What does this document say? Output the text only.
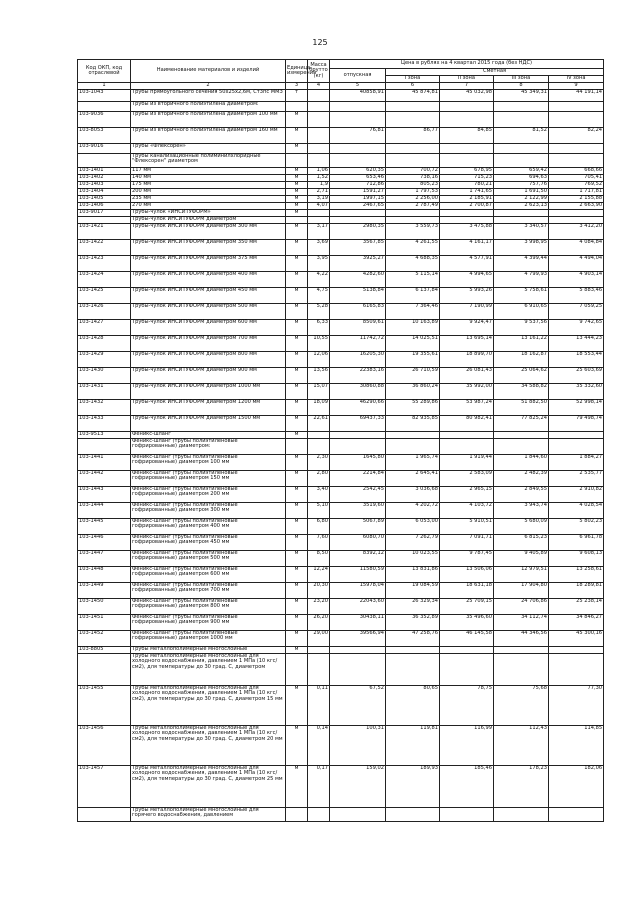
125
Код ОКП, код отраслевой	Наименование материалов и изделий	Единица измерения	Масса брутто (кг)	Цена в рублях на 4 квартал 2015 года (без НДС)				
				отпускная	Сметная			
					I зона	II зона	III зона	IV зона
1	2	3	4	5	6	7	8	9
103-1043	Трубы прямоугольного сечения 50х25х2,6м, Ст3пс ММЗ	т		40858,91	45 874,81	45 032,98	45 349,31	44 191,14
	Трубы из вторичного полиэтилена диаметром:							
103-9036	Трубы из вторичного полиэтилена диаметром 100 мм	м						
103-8053	Трубы из вторичного полиэтилена диаметром 160 мм	м		76,81	86,77	84,85	81,52	82,24
103-9016	Трубы «Флексорен»	м						
	Трубы канализационные полиминилхлоридные "Флексорен" диаметром							
103-1401	117 мм	м	1,06	620,35	700,72	678,95	659,42	668,66
103-1402	140 мм	м	1,52	653,46	738,16	715,23	694,63	705,41
103-1403	175 мм	м	1,9	712,86	805,23	780,21	757,76	769,52
103-1404	200 мм	м	2,71	1591,27	1 797,53	1 741,65	1 691,50	1 717,81
103-1405	235 мм	м	3,19	1997,15	2 256,00	2 185,91	2 122,99	2 155,88
103-1406	270 мм	м	4,07	2467,65	2 787,49	2 700,87	2 623,13	2 663,90
103-9017	Трубы-чулок «ИНСИТУФОРМ»	м						
	Трубы-чулок ИНСИТУФОРМ диаметром							
103-1421	Трубы-чулок ИНСИТУФОРМ диаметром 300 мм	м	3,17	2980,35	3 559,73	3 475,88	3 340,57	3 412,20
103-1422	Трубы-чулок ИНСИТУФОРМ диаметром 350 мм	м	3,69	3567,85	4 261,55	4 161,17	3 998,95	4 084,84
103-1423	Трубы-чулок ИНСИТУФОРМ диаметром 375 мм	м	3,95	3925,27	4 688,35	4 577,91	4 399,44	4 494,04
103-1424	Трубы-чулок ИНСИТУФОРМ диаметром 400 мм	м	4,22	4282,60	5 115,14	4 994,65	4 799,93	4 903,14
103-1425	Трубы-чулок ИНСИТУФОРМ диаметром 450 мм	м	4,75	5138,84	6 137,84	5 993,26	5 758,61	5 883,46
103-1426	Трубы-чулок ИНСИТУФОРМ диаметром 500 мм	м	5,28	6165,83	7 364,46	7 190,99	6 910,65	7 059,25
103-1427	Трубы-чулок ИНСИТУФОРМ диаметром 600 мм	м	6,33	8509,61	10 163,89	9 924,47	9 537,56	9 742,65
103-1428	Трубы-чулок ИНСИТУФОРМ диаметром 700 мм	м	10,55	11742,72	14 025,51	13 695,14	13 161,22	13 444,23
103-1429	Трубы-чулок ИНСИТУФОРМ диаметром 800 мм	м	12,06	16205,30	19 355,61	18 899,70	18 162,87	18 553,44
103-1430	Трубы-чулок ИНСИТУФОРМ диаметром 900 мм	м	13,56	22383,16	26 710,59	26 081,43	25 064,62	25 603,69
103-1431	Трубы-чулок ИНСИТУФОРМ диаметром 1000 мм	м	15,07	30860,88	36 860,24	35 992,00	34 588,82	35 332,60
103-1432	Трубы-чулок ИНСИТУФОРМ диаметром 1200 мм	м	18,09	46290,66	55 289,86	53 987,24	51 882,50	52 998,14
103-1433	Трубы-чулок ИНСИТУФОРМ диаметром 1500 мм	м	22,61	69437,33	82 935,85	80 982,41	77 825,24	79 498,74
103-9513	Феникс-шланг	м						
	Феникс-шланг (трубы полиэтиленовые гофрированные) диаметром:							
103-1441	Феникс-шланг (трубы полиэтиленовые гофрированные) диаметром 100 мм	м	2,30	1645,80	1 965,74	1 919,44	1 844,60	1 884,27
103-1442	Феникс-шланг (трубы полиэтиленовые гофрированные) диаметром 150 мм	м	2,80	2214,84	2 645,41	2 583,09	2 482,39	2 535,77
103-1443	Феникс-шланг (трубы полиэтиленовые гофрированные) диаметром 200 мм	м	3,40	2542,45	3 036,68	2 965,15	2 849,55	2 910,82
103-1444	Феникс-шланг (трубы полиэтиленовые гофрированные) диаметром 300 мм	м	5,10	3519,60	4 202,72	4 103,72	3 943,74	4 028,54
103-1445	Феникс-шланг (трубы полиэтиленовые гофрированные) диаметром 400 мм	м	6,80	5067,89	6 053,00	5 910,51	5 680,09	5 802,23
103-1446	Феникс-шланг (трубы полиэтиленовые гофрированные) диаметром 450 мм	м	7,60	6080,70	7 262,79	7 091,71	6 815,23	6 961,78
103-1447	Феникс-шланг (трубы полиэтиленовые гофрированные) диаметром 500 мм	м	8,50	8392,12	10 023,55	9 787,45	9 405,89	9 608,13
103-1448	Феникс-шланг (трубы полиэтиленовые гофрированные) диаметром 600 мм	м	12,24	11580,59	13 831,86	13 506,06	12 979,51	13 258,61
103-1449	Феникс-шланг (трубы полиэтиленовые гофрированные) диаметром 700 мм	м	20,30	15978,04	19 084,59	18 631,18	17 904,80	18 289,81
103-1450	Феникс-шланг (трубы полиэтиленовые гофрированные) диаметром 800 мм	м	23,20	22043,60	26 329,34	25 709,15	24 706,86	25 238,14
103-1451	Феникс-шланг (трубы полиэтиленовые гофрированные) диаметром 900 мм	м	26,20	30438,11	36 352,89	35 496,60	34 112,74	34 846,27
103-1452	Феникс-шланг (трубы полиэтиленовые гофрированные) диаметром 1000 мм	м	29,00	39566,94	47 258,76	46 145,58	44 346,56	45 300,16
103-8805	Трубы металлополимерные многослойные	м						
	Трубы металлополимерные многослойные для холодного водоснабжения, давлением 1 МПа (10 кгс/см2), для температуры до 30 град. С, диаметром							
103-1455	Трубы металлополимерные многослойные для холодного водоснабжения, давлением 1 МПа (10 кгс/см2), для температуры до 30 град. С, диаметром 15 мм	м	0,11	67,52	80,65	78,75	75,68	77,30
103-1456	Трубы металлополимерные многослойные для холодного водоснабжения, давлением 1 МПа (10 кгс/см2), для температуры до 30 град. С, диаметром 20 мм	м	0,14	100,31	119,81	116,99	112,43	114,85
103-1457	Трубы металлополимерные многослойные для холодного водоснабжения, давлением 1 МПа (10 кгс/см2), для температуры до 30 град. С, диаметром 25 мм	м	0,17	159,02	189,93	185,46	178,23	182,06
	Трубы металлополимерные многослойные для горячего водоснабжения, давлением							
